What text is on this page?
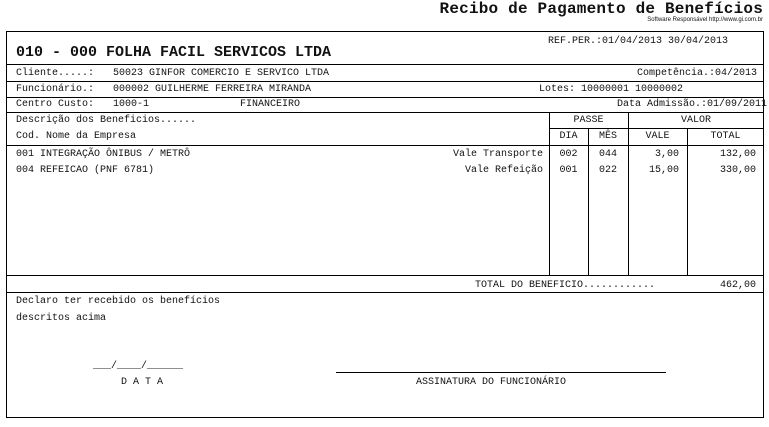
Recibo de Pagamento de Benefícios
Software Responsável http://www.gi.com.br
REF.PER.:01/04/2013 30/04/2013
010 - 000 FOLHA FACIL SERVICOS LTDA
Cliente.....: 50023 GINFOR COMERCIO E SERVICO LTDA	Competência.:04/2013
Funcionário.: 000002 GUILHERME FERREIRA MIRANDA	Lotes: 10000001 10000002
Centro Custo: 1000-1	FINANCEIRO	Data Admissão.:01/09/2011
Descrição dos Beneficios......
Cod. Nome da Empresa
PASSE	VALOR
DIA	MÊS	VALE	TOTAL
001 INTEGRAÇÃO ÔNIBUS / METRÔ	Vale Transporte	002	044	3,00	132,00
004 REFEICAO (PNF 6781)	Vale Refeição	001	022	15,00	330,00
TOTAL DO BENEFICIO............	462,00
Declaro ter recebido os benefícios
descritos acima
___/____/______
D A T A	ASSINATURA DO FUNCIONÁRIO
